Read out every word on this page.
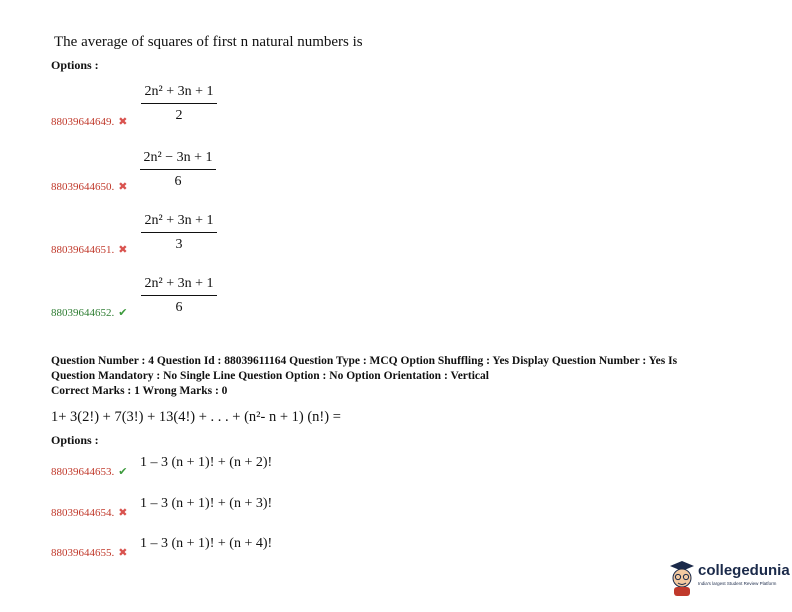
The average of squares of first n natural numbers is
Options :
88039644649. ✖
2n² + 3n + 1
2
88039644650. ✖
2n² − 3n + 1
6
88039644651. ✖
2n² + 3n + 1
3
88039644652. ✔
2n² + 3n + 1
6
Question Number : 4 Question Id : 88039611164 Question Type : MCQ Option Shuffling : Yes Display Question Number : Yes Is
Question Mandatory : No Single Line Question Option : No Option Orientation : Vertical
Correct Marks : 1 Wrong Marks : 0
1+ 3(2!) + 7(3!) + 13(4!) + . . . + (n²- n + 1) (n!) =
Options :
88039644653. ✔
1 – 3 (n + 1)! + (n + 2)!
88039644654. ✖
1 – 3 (n + 1)! + (n + 3)!
88039644655. ✖
1 – 3 (n + 1)! + (n + 4)!
collegedunia
India's largest Student Review Platform
